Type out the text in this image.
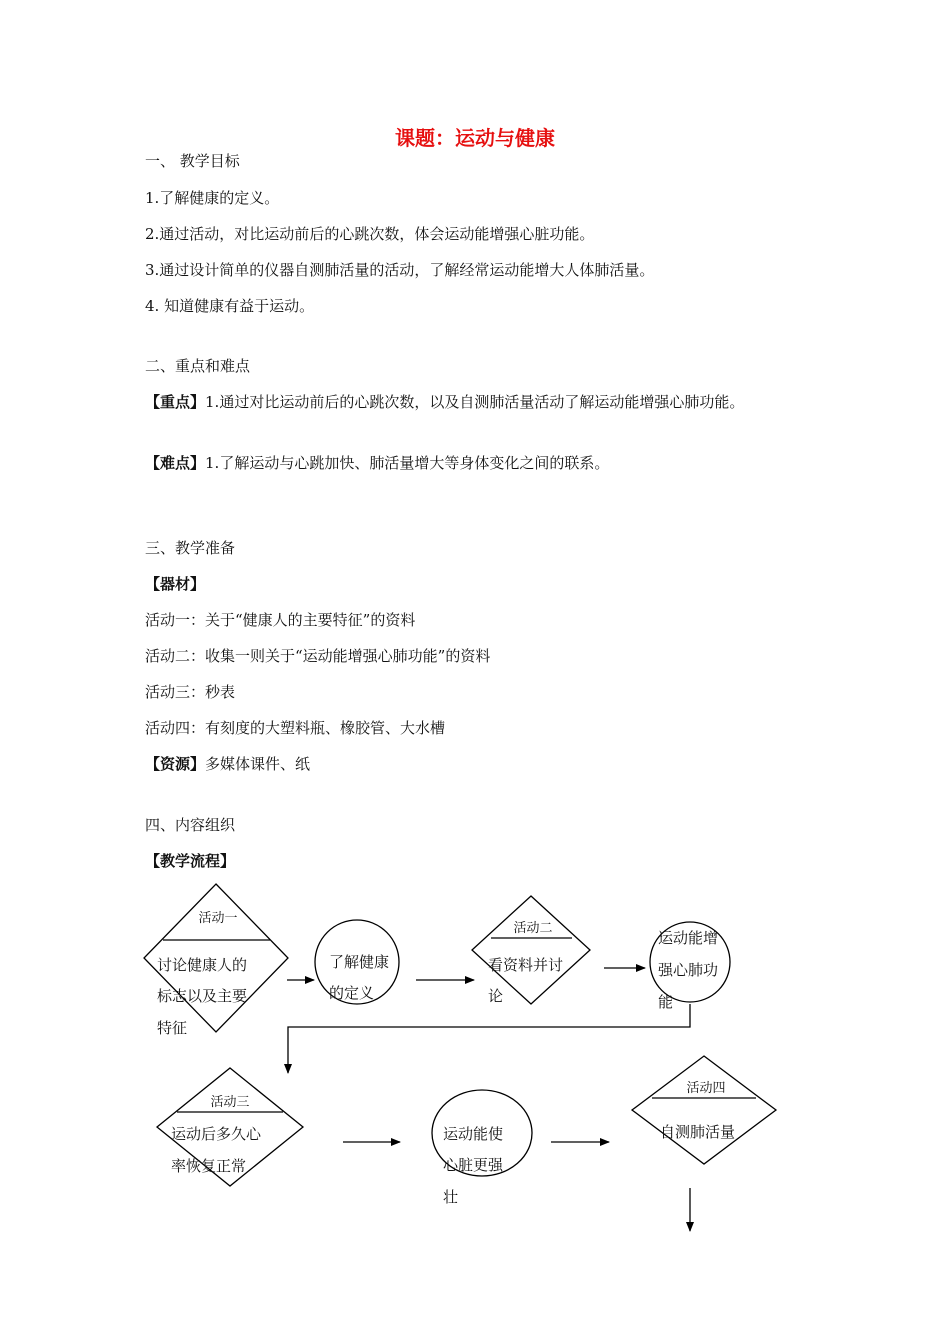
课题：运动与健康
一、 教学目标
1.了解健康的定义。
2.通过活动，对比运动前后的心跳次数，体会运动能增强心脏功能。
3.通过设计简单的仪器自测肺活量的活动，了解经常运动能增大人体肺活量。
4. 知道健康有益于运动。
二、重点和难点
【重点】1.通过对比运动前后的心跳次数，以及自测肺活量活动了解运动能增强心肺功能。
【难点】1.了解运动与心跳加快、肺活量增大等身体变化之间的联系。
三、教学准备
【器材】
活动一：关于“健康人的主要特征”的资料
活动二：收集一则关于“运动能增强心肺功能”的资料
活动三：秒表
活动四：有刻度的大塑料瓶、橡胶管、大水槽
【资源】多媒体课件、纸
四、内容组织
【教学流程】
活动一
讨论健康人的
标志以及主要
特征
了解健康
的定义
活动二
看资料并讨
论
运动能增
强心肺功
能
活动三
运动后多久心
率恢复正常
运动能使
心脏更强
壮
活动四
自测肺活量
